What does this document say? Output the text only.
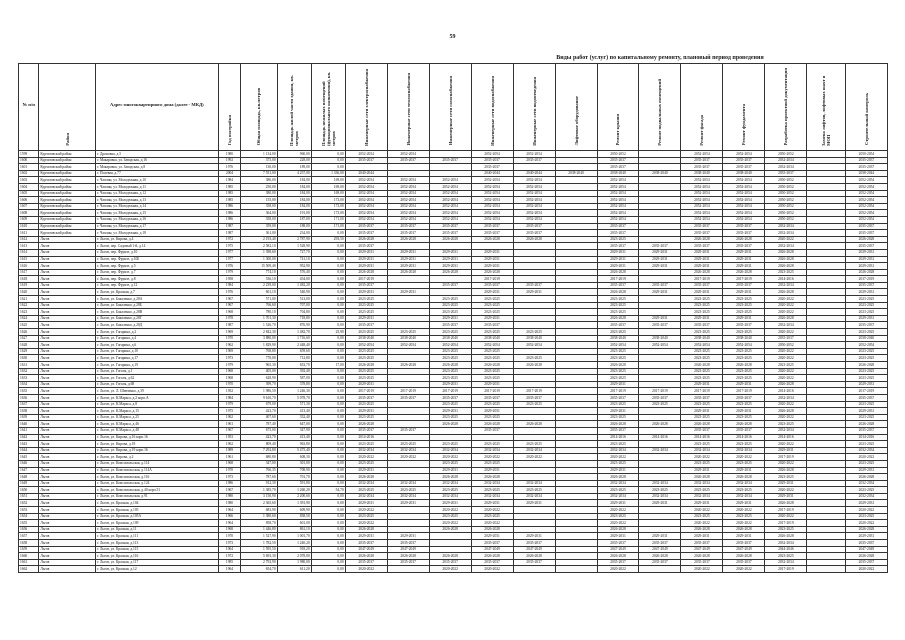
59
Виды работ (услуг) по капитальному ремонту, плановый период проведения
№ п/п	Район	Адрес многоквартирного дома (далее - МКД)	Год постройки	Общая площадь, кв.метров	Площадь жилой части здания, кв. метров	Площадь нежилых помещений (функционального назначения), кв. метров	Инженерные сети электроснабжения	Инженерные сети теплоснабжения	Инженерные сети газоснабжения	Инженерные сети водоснабжения	Инженерные сети водоотведения	Лифтовое оборудование	Ремонт крыши	Ремонт подвальных помещений	Ремонт фасада	Ремонт фундамента	Разработка проектной документации	Замена лифтов, лифтовых шахт и МОП	Строительный контроль
1599	Курчатовский район	г. Дроновка, д.5	1980	1 134,00	960,00	0,00	2052-2054	2052-2054		2052-2054	2052-2054		2050-2052		2052-2054	2052-2054	2050-2052		2050-2054
1600	Курчатовский район	г. Макаровка, ул. Заводская, д.16	1992	375,00	228,00	0,00	2035-2037	2035-2037	2035-2037	2035-2037	2035-2037		2035-2037		2035-2037	2035-2037	2032-2034		2035-2037
1601	Курчатовский район	г. Макаровка, ул. Заводская, д.8	1976	130,00	189,00	0,00				2035-2037			2035-2037		2035-2037	2035-2037	2032-2034		2035-2037
1602	Курчатовский район	г. Полевая, д.77	2004	7 551,00	4 257,00	1 336,00	2040-2044			2040-2044	2040-2044	2038-2040	2038-2040	2038-2040	2038-2040	2038-2040	2035-2037		2038-2044
1603	Курчатовский район	г. Чаплин, ул. Молодежная, д.10	1984	386,00	184,00	169,00	2052-2054	2052-2054	2052-2054	2052-2054	2052-2054		2052-2054		2052-2054	2052-2054	2050-2052		2052-2054
1604	Курчатовский район	г. Чаплин, ул. Молодежная, д.11	1985	250,00	184,00	169,00	2052-2054	2052-2054	2052-2054	2052-2054	2052-2054		2052-2054		2052-2054	2052-2054	2050-2052		2052-2054
1605	Курчатовский район	г. Чаплин, ул. Молодежная, д.12	1985	380,00	184,00	169,00	2052-2054	2052-2054	2052-2054	2052-2054	2052-2054		2052-2054		2052-2054	2052-2054	2050-2052		2052-2054
1606	Курчатовский район	г. Чаплин, ул. Молодежная, д.13	1985	155,00	184,00	173,00	2052-2054	2052-2054	2052-2054	2052-2054	2052-2054		2052-2054		2052-2054	2052-2054	2050-2052		2052-2054
1607	Курчатовский район	г. Чаплин, ул. Молодежная, д.14	1986	358,00	184,00	173,00	2052-2054	2052-2054	2052-2054	2052-2054	2052-2054		2052-2054		2052-2054	2052-2054	2050-2052		2052-2054
1608	Курчатовский район	г. Чаплин, ул. Молодежная, д.15	1986	364,00	191,00	173,00	2052-2054	2052-2054	2052-2054	2052-2054	2052-2054		2052-2054		2052-2054	2052-2054	2050-2052		2052-2054
1609	Курчатовский район	г. Чаплин, ул. Молодежная, д.16	1986	358,00	187,00	171,00	2052-2054	2052-2054	2052-2054	2052-2054	2052-2054		2052-2054		2052-2054	2052-2054	2050-2052		2052-2054
1610	Курчатовский район	г. Чаплин, ул. Молодежная, д.17	1987	359,00	188,00	171,00	2035-2037	2035-2037	2035-2037	2035-2037	2035-2037		2035-2037		2035-2037	2035-2037	2032-2034		2035-2037
1611	Курчатовский район	г. Чаплин, ул. Молодежная, д.18	1987	361,00	234,00	0,00	2035-2037	2035-2037	2035-2037	2035-2037	2035-2037		2035-2037		2035-2037	2035-2037	2032-2034		2035-2037
1612	Льгов	г. Льгов, ул. Кирова, д.4	1972	2 193,40	2 787,90	293,50	2026-2028	2026-2028	2026-2028	2026-2028	2026-2028		2023-2025		2026-2028	2026-2028	2020-2022		2026-2028
1613	Льгов	г. Льгов, пер. Садовый 1-й, д.14	1975	2 582,10	1 528,90	0,00	2035-2037						2035-2037	2035-2037	2035-2037	2035-2037	2032-2034		2035-2037
1614	Льгов	г. Льгов, пер. Фрунзе, д.10	1977	1 398,60	727,70	0,00	2029-2031	2029-2031	2029-2031	2029-2031			2029-2031	2029-2031	2029-2031	2029-2031	2026-2028		2029-2031
1615	Льгов	г. Льгов, пер. Фрунзе, д.10Б	1977	1 300,00	741,10	0,00	2029-2031	2029-2031	2029-2031	2029-2031			2029-2031	2029-2031	2029-2031	2029-2031	2026-2028		2029-2031
1616	Льгов	г. Льгов, пер. Фрунзе, д.5	1976	15 509,40	952,90	0,00	2029-2031	2029-2031	2029-2031	2029-2031			2029-2031	2029-2031	2029-2031	2029-2031	2026-2028		2029-2031
1617	Льгов	г. Льгов, пер. Фрунзе, д.7	1979	774,10	576,40	0,00	2026-2028	2026-2028	2026-2028	2026-2028			2026-2028		2026-2028	2026-2028	2023-2025		2026-2028
1618	Льгов	г. Льгов, пер. Фрунзе, д.8	1958	536,10	454,00	0,00	2017-2019			2017-2019			2017-2019		2017-2019	2017-2019	2014-2016		2017-2019
1619	Льгов	г. Льгов, пер. Фрунзе, д.12	1984	2 239,00	1 482,20	0,00	2035-2037		2035-2037	2035-2037	2035-2037		2035-2037	2035-2037	2035-2037	2035-2037	2032-2034		2035-2037
1620	Льгов	г. Льгов, ул. Красная, д.7	1976	601,10	540,90	0,00	2029-2031	2029-2031		2029-2031	2029-2031		2026-2028	2029-2031	2029-2031	2029-2031	2026-2028		2029-2031
1621	Льгов	г. Льгов, ул. Бакаленко, д.28А	1967	571,00	513,00	0,00	2023-2025		2023-2025	2023-2025			2023-2025		2023-2025	2023-2025	2020-2022		2023-2025
1622	Льгов	г. Льгов, ул. Бакаленко, д.28Б	1967	766,60	707,00	0,00	2023-2025		2023-2025	2023-2025			2023-2025		2023-2025	2023-2025	2020-2022		2023-2025
1623	Льгов	г. Льгов, ул. Бакаленко, д.28В	1968	780,10	704,80	0,00	2023-2025		2023-2025	2023-2025			2023-2025		2023-2025	2023-2025	2020-2022		2023-2025
1624	Льгов	г. Льгов, ул. Бакаленко, д.28Г	1978	1 701,30	718,80	0,00	2029-2031		2029-2031	2029-2031			2026-2028	2029-2031	2029-2031	2029-2031	2026-2028		2029-2031
1625	Льгов	г. Льгов, ул. Бакаленко, д.28Д	1987	1 526,70	876,90	0,00	2035-2037		2035-2037	2035-2037			2035-2037	2035-2037	2035-2037	2035-2037	2032-2034		2035-2037
1626	Льгов	г. Льгов, ул. Гагарина, д.2	1969	2 842,30	1 482,70	25,90	2023-2025	2023-2025	2023-2025	2023-2025	2023-2025		2023-2025		2023-2025	2023-2025	2020-2022		2023-2025
1627	Льгов	г. Льгов, ул. Гагарина, д.4	1970	3 880,00	1 716,60	0,00	2038-2040	2038-2040	2038-2040	2038-2040	2038-2040		2038-2040	2038-2040	2038-2040	2038-2040	2035-2037		2038-2040
1628	Льгов	г. Льгов, ул. Гагарина, д.6	1962	1 829,90	2 448,40	0,00	2052-2054	2052-2054	2052-2054	2052-2054	2052-2054		2052-2054	2052-2054	2052-2054	2052-2054	2050-2052		2052-2054
1629	Льгов	г. Льгов, ул. Гагарина, д.10	1969	768,80	659,60	0,00	2023-2025		2023-2025	2023-2025			2023-2025		2023-2025	2023-2025	2020-2022		2023-2025
1630	Льгов	г. Льгов, ул. Гагарина, д.17	1973	770,00	712,80	0,00	2023-2025		2023-2025	2023-2025	2023-2025		2023-2025		2023-2025	2023-2025	2020-2022		2023-2025
1631	Льгов	г. Льгов, ул. Гагарина, д.19	1979	965,30	653,70	17,00	2026-2028	2026-2028	2026-2028	2026-2028	2026-2028		2026-2028		2026-2028	2026-2028	2023-2025		2026-2028
1632	Льгов	г. Льгов, ул. Гоголя, д.1	1968	405,00	392,40	0,00	2023-2025		2023-2025	2023-2025			2023-2025		2023-2025	2023-2025	2020-2022		2023-2025
1633	Льгов	г. Льгов, ул. Гоголя, д.62	1968	628,90	587,00	0,00	2023-2025		2023-2025	2023-2025			2023-2025		2023-2025	2023-2025	2020-2022		2023-2025
1634	Льгов	г. Льгов, ул. Гоголя, д.68	1970	399,70	378,80	0,00	2029-2031		2029-2031	2029-2031			2029-2031		2029-2031	2029-2031	2026-2028		2029-2031
1635	Льгов	г. Льгов, ул. Л. Шевченко, д.39	1952	1 986,50	1 246,30	0,00	2017-2019	2017-2019	2017-2019	2017-2019	2017-2019		2017-2019	2017-2019	2017-2019	2017-2019	2014-2016		2017-2019
1636	Льгов	г. Льгов, ул. К.Маркса, д.2 корп.А	1984	9 610,70	5 078,70	0,00	2035-2037	2035-2037	2035-2037	2035-2037	2035-2037		2035-2037	2035-2037	2035-2037	2035-2037	2032-2034		2035-2037
1637	Льгов	г. Льгов, ул. К.Маркса, д.8	1979	679,00	571,30	0,00	2023-2025		2023-2025	2023-2025	2023-2025		2023-2025	2023-2025	2023-2025	2023-2025	2020-2022		2023-2025
1638	Льгов	г. Льгов, ул. К.Маркса, д.15	1975	423,70	413,40	0,00	2029-2031		2029-2031	2029-2031			2029-2031		2029-2031	2029-2031	2026-2028		2029-2031
1639	Льгов	г. Льгов, ул. К.Маркса, д.25	1962	407,60	332,40	0,00	2023-2025		2023-2025	2023-2025			2023-2025		2023-2025	2023-2025	2020-2022		2023-2025
1640	Льгов	г. Льгов, ул. К.Маркса, д.46	1961	787,40	647,00	0,00	2026-2028		2026-2028	2026-2028	2026-2028		2026-2028	2026-2028	2026-2028	2026-2028	2023-2025		2026-2028
1641	Льгов	г. Льгов, ул. К.Маркса, д.48	1967	675,00	347,90	0,00	2035-2037	2035-2037		2035-2037			2035-2037		2035-2037	2035-2037	2032-2034		2035-2037
1642	Льгов	г. Льгов, ул. Кирова, д.16 корп.16	1953	423,70	413,40	0,00	2014-2016						2014-2016	2014-2016	2014-2016	2014-2016	2014-2016		2014-2016
1643	Льгов	г. Льгов, ул. Кирова, д.18	1962	809,40	963,80	0,00	2023-2025	2023-2025	2023-2025	2023-2025	2023-2025		2023-2025		2023-2025	2023-2025	2020-2022		2023-2025
1644	Льгов	г. Льгов, ул. Кирова, д.19 корп.16	1989	7 292,80	5 475,40	0,00	2032-2034	2032-2034	2032-2034	2032-2034	2032-2034		2032-2034	2032-2034	2032-2034	2032-2034	2029-2031		2032-2034
1645	Льгов	г. Льгов, ул. Кирова, д.2	1961	680,80	608,30	0,00	2020-2022	2020-2022	2020-2022	2020-2022	2020-2022		2020-2022		2020-2022	2020-2022	2017-2019		2020-2022
1646	Льгов	г. Льгов, ул. Комсомольская, д.114	1968	347,00	301,00	0,00	2023-2025		2023-2025	2023-2025			2023-2025		2023-2025	2023-2025	2020-2022		2023-2025
1647	Льгов	г. Льгов, ул. Комсомольская, д.114А	1970	766,35	708,90	0,00	2029-2031		2029-2031	2029-2031			2029-2031		2029-2031	2029-2031	2026-2028		2029-2031
1648	Льгов	г. Льгов, ул. Комсомольская, д.116	1973	787,60	701,70	0,00	2026-2028		2026-2028	2026-2028			2026-2028		2026-2028	2026-2028	2023-2025		2026-2028
1649	Льгов	г. Льгов, ул. Комсомольская, д.124	1986	912,30	591,80	0,00	2032-2034	2032-2034	2032-2034	2032-2034	2032-2034		2032-2034	2032-2034	2032-2034	2032-2034	2029-2031		2032-2034
1650	Льгов	г. Льгов, ул. Комсомольская, д.40 корп.51	1967	1 385,70	1 260,20	54,70	2023-2025	2023-2025	2023-2025	2023-2025	2023-2025		2023-2025	2023-2025	2023-2025	2023-2025	2020-2022		2023-2025
1651	Льгов	г. Льгов, ул. Комсомольская, д.91	1980	3 150,90	2 200,60	0,00	2032-2034	2032-2034	2032-2034	2032-2034	2032-2034		2032-2034	2032-2034	2032-2034	2032-2034	2029-2031		2032-2034
1652	Льгов	г. Льгов, ул. Красная, д.104	1980	2 365,60	1 391,90	0,00	2029-2031	2029-2031	2029-2031	2029-2031	2029-2031		2029-2031	2029-2031	2029-2031	2029-2031	2026-2028		2029-2031
1653	Льгов	г. Льгов, ул. Красная, д.105	1964	683,90	609,90	0,00	2020-2022		2020-2022	2020-2022			2020-2022		2020-2022	2020-2022	2017-2019		2020-2022
1654	Льгов	г. Льгов, ул. Красная, д.105А	1966	1 380,60	838,50	0,00	2023-2025		2023-2025	2023-2025			2023-2025		2023-2025	2023-2025	2020-2022		2023-2025
1655	Льгов	г. Льгов, ул. Красная, д.109	1964	858,70	601,00	0,00	2020-2022		2020-2022	2020-2022			2020-2022		2020-2022	2020-2022	2017-2019		2020-2022
1656	Льгов	г. Льгов, ул. Красная, д.11	1968	1 446,80	861,10	0,00	2026-2028		2026-2028	2026-2028			2026-2028		2026-2028	2026-2028	2023-2025		2026-2028
1657	Льгов	г. Льгов, ул. Красная, д.111	1970	1 527,90	1 001,70	0,00	2029-2031	2029-2031		2029-2031	2029-2031		2029-2031	2029-2031	2029-2031	2029-2031	2026-2028		2029-2031
1658	Льгов	г. Льгов, ул. Красная, д.113	1973	1 782,50	1 240,20	0,00	2035-2037	2035-2037		2035-2037	2035-2037		2035-2037	2035-2037	2035-2037	2035-2037	2032-2034		2035-2037
1659	Льгов	г. Льгов, ул. Красная, д.115	1964	1 595,50	918,20	0,00	2047-2049	2047-2049		2047-2049	2047-2049		2047-2049	2047-2049	2047-2049	2047-2049	2044-2046		2047-2049
1660	Льгов	г. Льгов, ул. Красная, д.116	1972	5 693,30	2 078,00	0,00	2026-2028	2026-2028	2026-2028	2026-2028	2026-2028		2026-2028	2026-2028	2026-2028	2026-2028	2023-2025		2026-2028
1661	Льгов	г. Льгов, ул. Красная, д.117	1985	2 792,90	1 980,00	0,00	2035-2037	2035-2037	2035-2037	2035-2037	2035-2037		2035-2037	2035-2037	2035-2037	2035-2037	2032-2034		2035-2037
1662	Льгов	г. Льгов, ул. Красная, д.12	1964	654,70	611,20	0,00	2020-2022		2020-2022	2020-2022			2020-2022		2020-2022	2020-2022	2017-2019		2020-2022
